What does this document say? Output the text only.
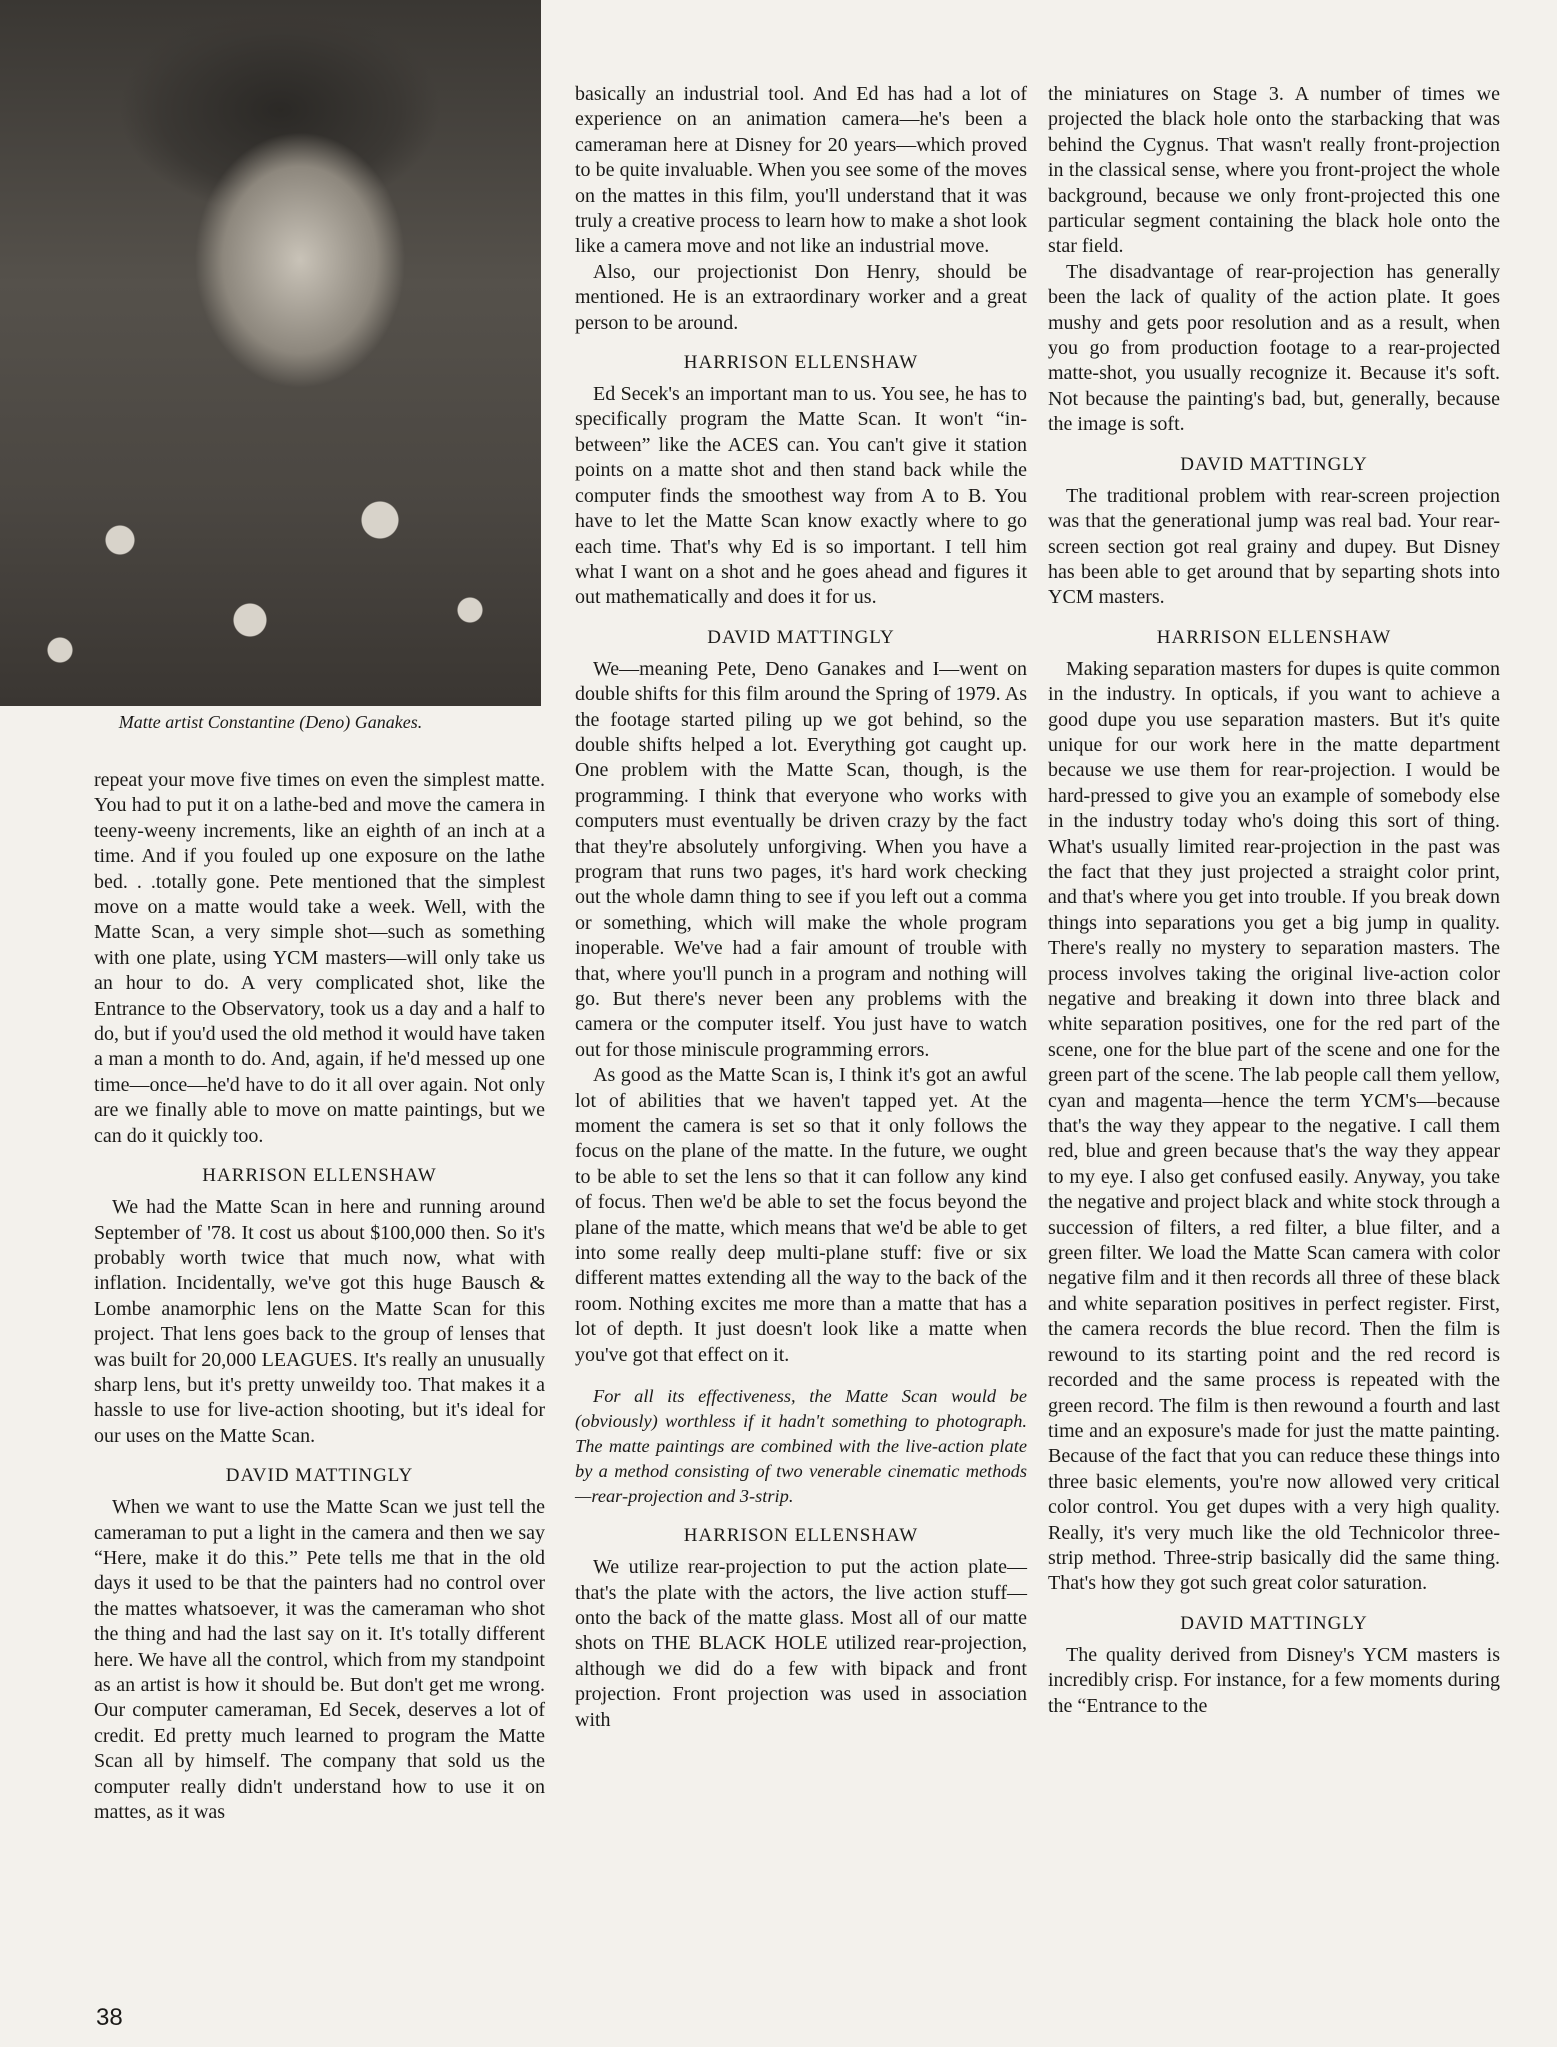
Matte artist Constantine (Deno) Ganakes.

repeat your move five times on even the simplest matte. You had to put it on a lathe-bed and move the camera in teeny-weeny increments, like an eighth of an inch at a time. And if you fouled up one exposure on the lathe bed. . .totally gone. Pete mentioned that the simplest move on a matte would take a week. Well, with the Matte Scan, a very simple shot—such as something with one plate, using YCM masters—will only take us an hour to do. A very complicated shot, like the Entrance to the Observatory, took us a day and a half to do, but if you'd used the old method it would have taken a man a month to do. And, again, if he'd messed up one time—once—he'd have to do it all over again. Not only are we finally able to move on matte paintings, but we can do it quickly too.

HARRISON ELLENSHAW

We had the Matte Scan in here and running around September of '78. It cost us about $100,000 then. So it's probably worth twice that much now, what with inflation. Incidentally, we've got this huge Bausch & Lombe anamorphic lens on the Matte Scan for this project. That lens goes back to the group of lenses that was built for 20,000 LEAGUES. It's really an unusually sharp lens, but it's pretty unweildy too. That makes it a hassle to use for live-action shooting, but it's ideal for our uses on the Matte Scan.

DAVID MATTINGLY

When we want to use the Matte Scan we just tell the cameraman to put a light in the camera and then we say “Here, make it do this.” Pete tells me that in the old days it used to be that the painters had no control over the mattes whatsoever, it was the cameraman who shot the thing and had the last say on it. It's totally different here. We have all the control, which from my standpoint as an artist is how it should be. But don't get me wrong. Our computer cameraman, Ed Secek, deserves a lot of credit. Ed pretty much learned to program the Matte Scan all by himself. The company that sold us the computer really didn't understand how to use it on mattes, as it was

basically an industrial tool. And Ed has had a lot of experience on an animation camera—he's been a cameraman here at Disney for 20 years—which proved to be quite invaluable. When you see some of the moves on the mattes in this film, you'll understand that it was truly a creative process to learn how to make a shot look like a camera move and not like an industrial move.

Also, our projectionist Don Henry, should be mentioned. He is an extraordinary worker and a great person to be around.

HARRISON ELLENSHAW

Ed Secek's an important man to us. You see, he has to specifically program the Matte Scan. It won't “in-between” like the ACES can. You can't give it station points on a matte shot and then stand back while the computer finds the smoothest way from A to B. You have to let the Matte Scan know exactly where to go each time. That's why Ed is so important. I tell him what I want on a shot and he goes ahead and figures it out mathematically and does it for us.

DAVID MATTINGLY

We—meaning Pete, Deno Ganakes and I—went on double shifts for this film around the Spring of 1979. As the footage started piling up we got behind, so the double shifts helped a lot. Everything got caught up. One problem with the Matte Scan, though, is the programming. I think that everyone who works with computers must eventually be driven crazy by the fact that they're absolutely unforgiving. When you have a program that runs two pages, it's hard work checking out the whole damn thing to see if you left out a comma or something, which will make the whole program inoperable. We've had a fair amount of trouble with that, where you'll punch in a program and nothing will go. But there's never been any problems with the camera or the computer itself. You just have to watch out for those miniscule programming errors.

As good as the Matte Scan is, I think it's got an awful lot of abilities that we haven't tapped yet. At the moment the camera is set so that it only follows the focus on the plane of the matte. In the future, we ought to be able to set the lens so that it can follow any kind of focus. Then we'd be able to set the focus beyond the plane of the matte, which means that we'd be able to get into some really deep multi-plane stuff: five or six different mattes extending all the way to the back of the room. Nothing excites me more than a matte that has a lot of depth. It just doesn't look like a matte when you've got that effect on it.

For all its effectiveness, the Matte Scan would be (obviously) worthless if it hadn't something to photograph. The matte paintings are combined with the live-action plate by a method consisting of two venerable cinematic methods—rear-projection and 3-strip.

HARRISON ELLENSHAW

We utilize rear-projection to put the action plate—that's the plate with the actors, the live action stuff—onto the back of the matte glass. Most all of our matte shots on THE BLACK HOLE utilized rear-projection, although we did do a few with bipack and front projection. Front projection was used in association with

the miniatures on Stage 3. A number of times we projected the black hole onto the starbacking that was behind the Cygnus. That wasn't really front-projection in the classical sense, where you front-project the whole background, because we only front-projected this one particular segment containing the black hole onto the star field.

The disadvantage of rear-projection has generally been the lack of quality of the action plate. It goes mushy and gets poor resolution and as a result, when you go from production footage to a rear-projected matte-shot, you usually recognize it. Because it's soft. Not because the painting's bad, but, generally, because the image is soft.

DAVID MATTINGLY

The traditional problem with rear-screen projection was that the generational jump was real bad. Your rear-screen section got real grainy and dupey. But Disney has been able to get around that by separting shots into YCM masters.

HARRISON ELLENSHAW

Making separation masters for dupes is quite common in the industry. In opticals, if you want to achieve a good dupe you use separation masters. But it's quite unique for our work here in the matte department because we use them for rear-projection. I would be hard-pressed to give you an example of somebody else in the industry today who's doing this sort of thing. What's usually limited rear-projection in the past was the fact that they just projected a straight color print, and that's where you get into trouble. If you break down things into separations you get a big jump in quality. There's really no mystery to separation masters. The process involves taking the original live-action color negative and breaking it down into three black and white separation positives, one for the red part of the scene, one for the blue part of the scene and one for the green part of the scene. The lab people call them yellow, cyan and magenta—hence the term YCM's—because that's the way they appear to the negative. I call them red, blue and green because that's the way they appear to my eye. I also get confused easily. Anyway, you take the negative and project black and white stock through a succession of filters, a red filter, a blue filter, and a green filter. We load the Matte Scan camera with color negative film and it then records all three of these black and white separation positives in perfect register. First, the camera records the blue record. Then the film is rewound to its starting point and the red record is recorded and the same process is repeated with the green record. The film is then rewound a fourth and last time and an exposure's made for just the matte painting. Because of the fact that you can reduce these things into three basic elements, you're now allowed very critical color control. You get dupes with a very high quality. Really, it's very much like the old Technicolor three-strip method. Three-strip basically did the same thing. That's how they got such great color saturation.

DAVID MATTINGLY

The quality derived from Disney's YCM masters is incredibly crisp. For instance, for a few moments during the “Entrance to the

38
